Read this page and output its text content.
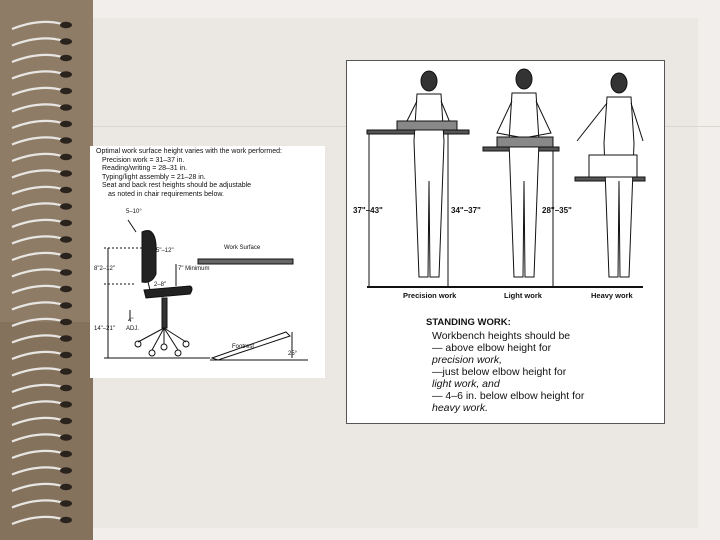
Optimal work surface height varies with the work performed:
Precision work = 31–37 in.
Reading/writing = 28–31 in.
Typing/light assembly = 21–28 in.
Seat and back rest heights should be adjustable
as noted in chair requirements below.
5–10°
5"–12"	Work Surface
8"2–12"	7" Minimum
2–8"
4"
14"–21" ADJ.
Footrest
25°
37"–43"	34"–37"	28"–35"
Precision work	Light work	Heavy work
STANDING WORK:
Workbench heights should be
— above elbow height for
precision work,
—just below elbow height for
light work, and
— 4–6 in. below elbow height for
heavy work.
